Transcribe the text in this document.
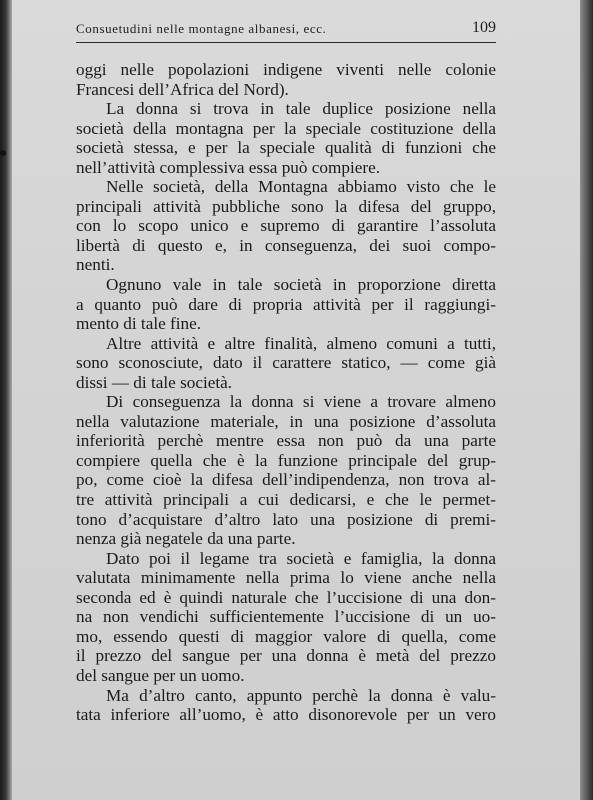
Consuetudini nelle montagne albanesi, ecc.	109
oggi nelle popolazioni indigene viventi nelle colonie
Francesi dell’Africa del Nord).
La donna si trova in tale duplice posizione nella
società della montagna per la speciale costituzione della
società stessa, e per la speciale qualità di funzioni che
nell’attività complessiva essa può compiere.
Nelle società, della Montagna abbiamo visto che le
principali attività pubbliche sono la difesa del gruppo,
con lo scopo unico e supremo di garantire l’assoluta
libertà di questo e, in conseguenza, dei suoi compo-
nenti.
Ognuno vale in tale società in proporzione diretta
a quanto può dare di propria attività per il raggiungi-
mento di tale fine.
Altre attività e altre finalità, almeno comuni a tutti,
sono sconosciute, dato il carattere statico, — come già
dissi — di tale società.
Di conseguenza la donna si viene a trovare almeno
nella valutazione materiale, in una posizione d’assoluta
inferiorità perchè mentre essa non può da una parte
compiere quella che è la funzione principale del grup-
po, come cioè la difesa dell’indipendenza, non trova al-
tre attività principali a cui dedicarsi, e che le permet-
tono d’acquistare d’altro lato una posizione di premi-
nenza già negatele da una parte.
Dato poi il legame tra società e famiglia, la donna
valutata minimamente nella prima lo viene anche nella
seconda ed è quindi naturale che l’uccisione di una don-
na non vendichi sufficientemente l’uccisione di un uo-
mo, essendo questi di maggior valore di quella, come
il prezzo del sangue per una donna è metà del prezzo
del sangue per un uomo.
Ma d’altro canto, appunto perchè la donna è valu-
tata inferiore all’uomo, è atto disonorevole per un vero
